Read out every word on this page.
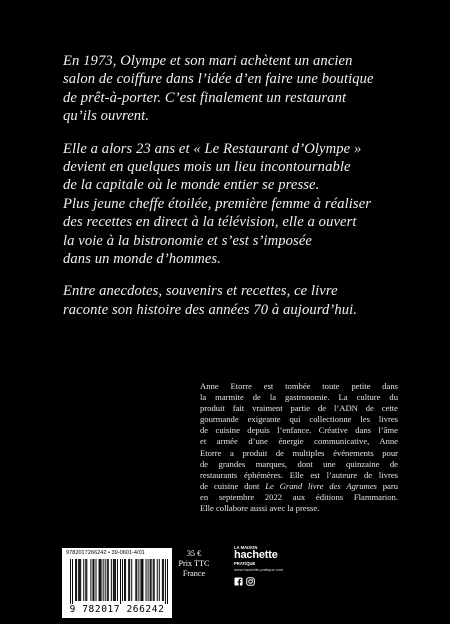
En 1973, Olympe et son mari achètent un ancien
salon de coiffure dans l’idée d’en faire une boutique
de prêt-à-porter. C’est finalement un restaurant
qu’ils ouvrent.

Elle a alors 23 ans et « Le Restaurant d’Olympe »
devient en quelques mois un lieu incontournable
de la capitale où le monde entier se presse.
Plus jeune cheffe étoilée, première femme à réaliser
des recettes en direct à la télévision, elle a ouvert
la voie à la bistronomie et s’est s’imposée
dans un monde d’hommes.

Entre anecdotes, souvenirs et recettes, ce livre
raconte son histoire des années 70 à aujourd’hui.

Anne Etorre est tombée toute petite dans
la marmite de la gastronomie. La culture du
produit fait vraiment partie de l’ADN de cette
gourmande exigeante qui collectionne les livres
de cuisine depuis l’enfance. Créative dans l’âme
et armée d’une énergie communicative, Anne
Etorre a produit de multiples événements pour
de grandes marques, dont une quinzaine de
restaurants éphémères. Elle est l’auteure de livres
de cuisine dont Le Grand livre des Agrumes paru
en septembre 2022 aux éditions Flammarion.
Elle collabore aussi avec la presse.
9782017266242 • 39-0601-4/01
9 782017 266242
35 €
Prix TTC
France
LA MAISON
hachette
PRATIQUE
www.hachette-pratique.com
